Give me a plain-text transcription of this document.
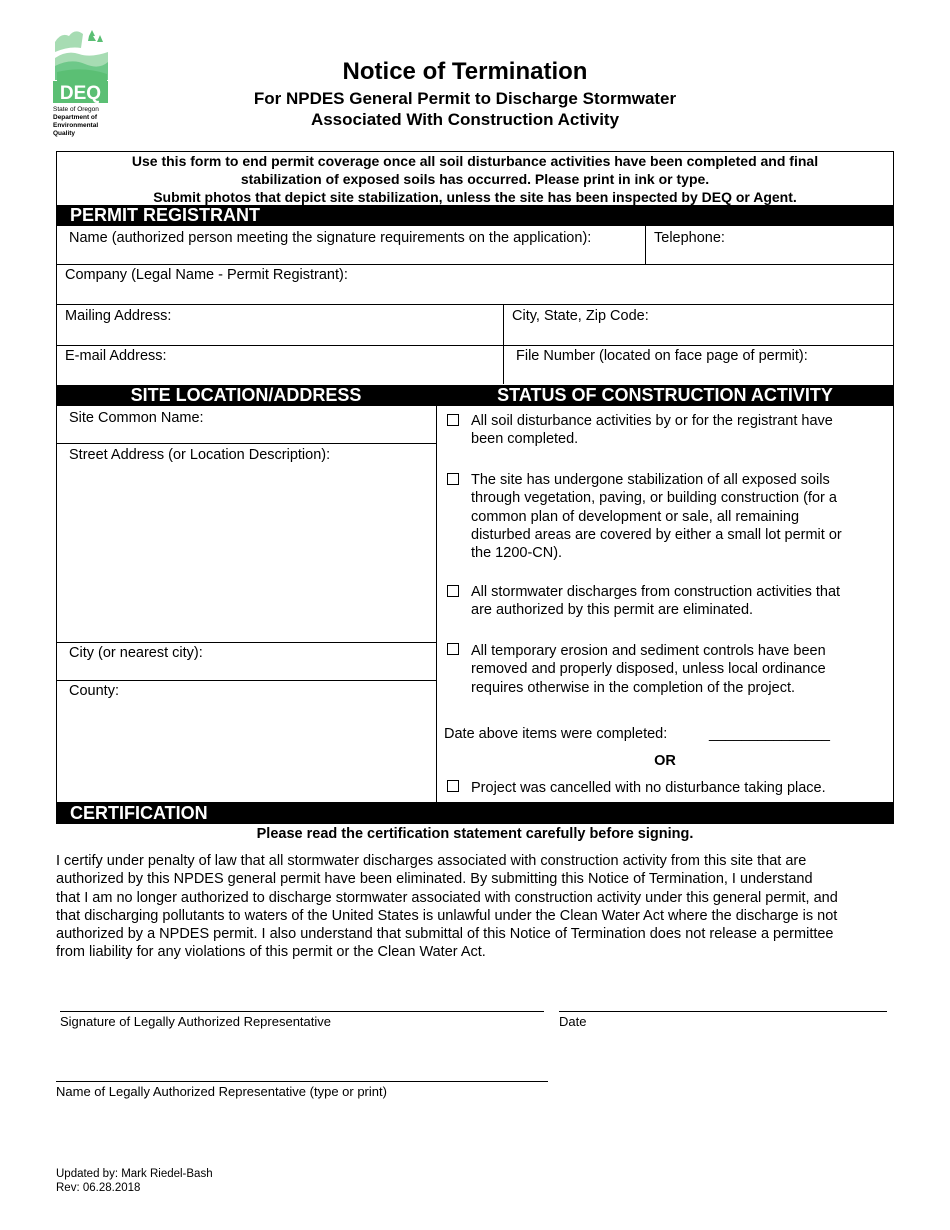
DEQ
State of Oregon
Department of
Environmental
Quality
Notice of Termination
For NPDES General Permit to Discharge Stormwater
Associated With Construction Activity
Use this form to end permit coverage once all soil disturbance activities have been completed and final
stabilization of exposed soils has occurred. Please print in ink or type.
Submit photos that depict site stabilization, unless the site has been inspected by DEQ or Agent.
PERMIT REGISTRANT
Name (authorized person meeting the signature requirements on the application):	Telephone:
Company (Legal Name - Permit Registrant):
Mailing Address:	City, State, Zip Code:
E-mail Address:	File Number (located on face page of permit):
SITE LOCATION/ADDRESS	STATUS OF CONSTRUCTION ACTIVITY
Site Common Name:
Street Address (or Location Description):
City (or nearest city):
County:
All soil disturbance activities by or for the registrant have
been completed.
The site has undergone stabilization of all exposed soils
through vegetation, paving, or building construction (for a
common plan of development or sale, all remaining
disturbed areas are covered by either a small lot permit or
the 1200-CN).
All stormwater discharges from construction activities that
are authorized by this permit are eliminated.
All temporary erosion and sediment controls have been
removed and properly disposed, unless local ordinance
requires otherwise in the completion of the project.
Date above items were completed:	_______________
OR
Project was cancelled with no disturbance taking place.
CERTIFICATION
Please read the certification statement carefully before signing.
I certify under penalty of law that all stormwater discharges associated with construction activity from this site that are
authorized by this NPDES general permit have been eliminated. By submitting this Notice of Termination, I understand
that I am no longer authorized to discharge stormwater associated with construction activity under this general permit, and
that discharging pollutants to waters of the United States is unlawful under the Clean Water Act where the discharge is not
authorized by a NPDES permit. I also understand that submittal of this Notice of Termination does not release a permittee
from liability for any violations of this permit or the Clean Water Act.
Signature of Legally Authorized Representative	Date
Name of Legally Authorized Representative (type or print)
Updated by: Mark Riedel-Bash
Rev: 06.28.2018
